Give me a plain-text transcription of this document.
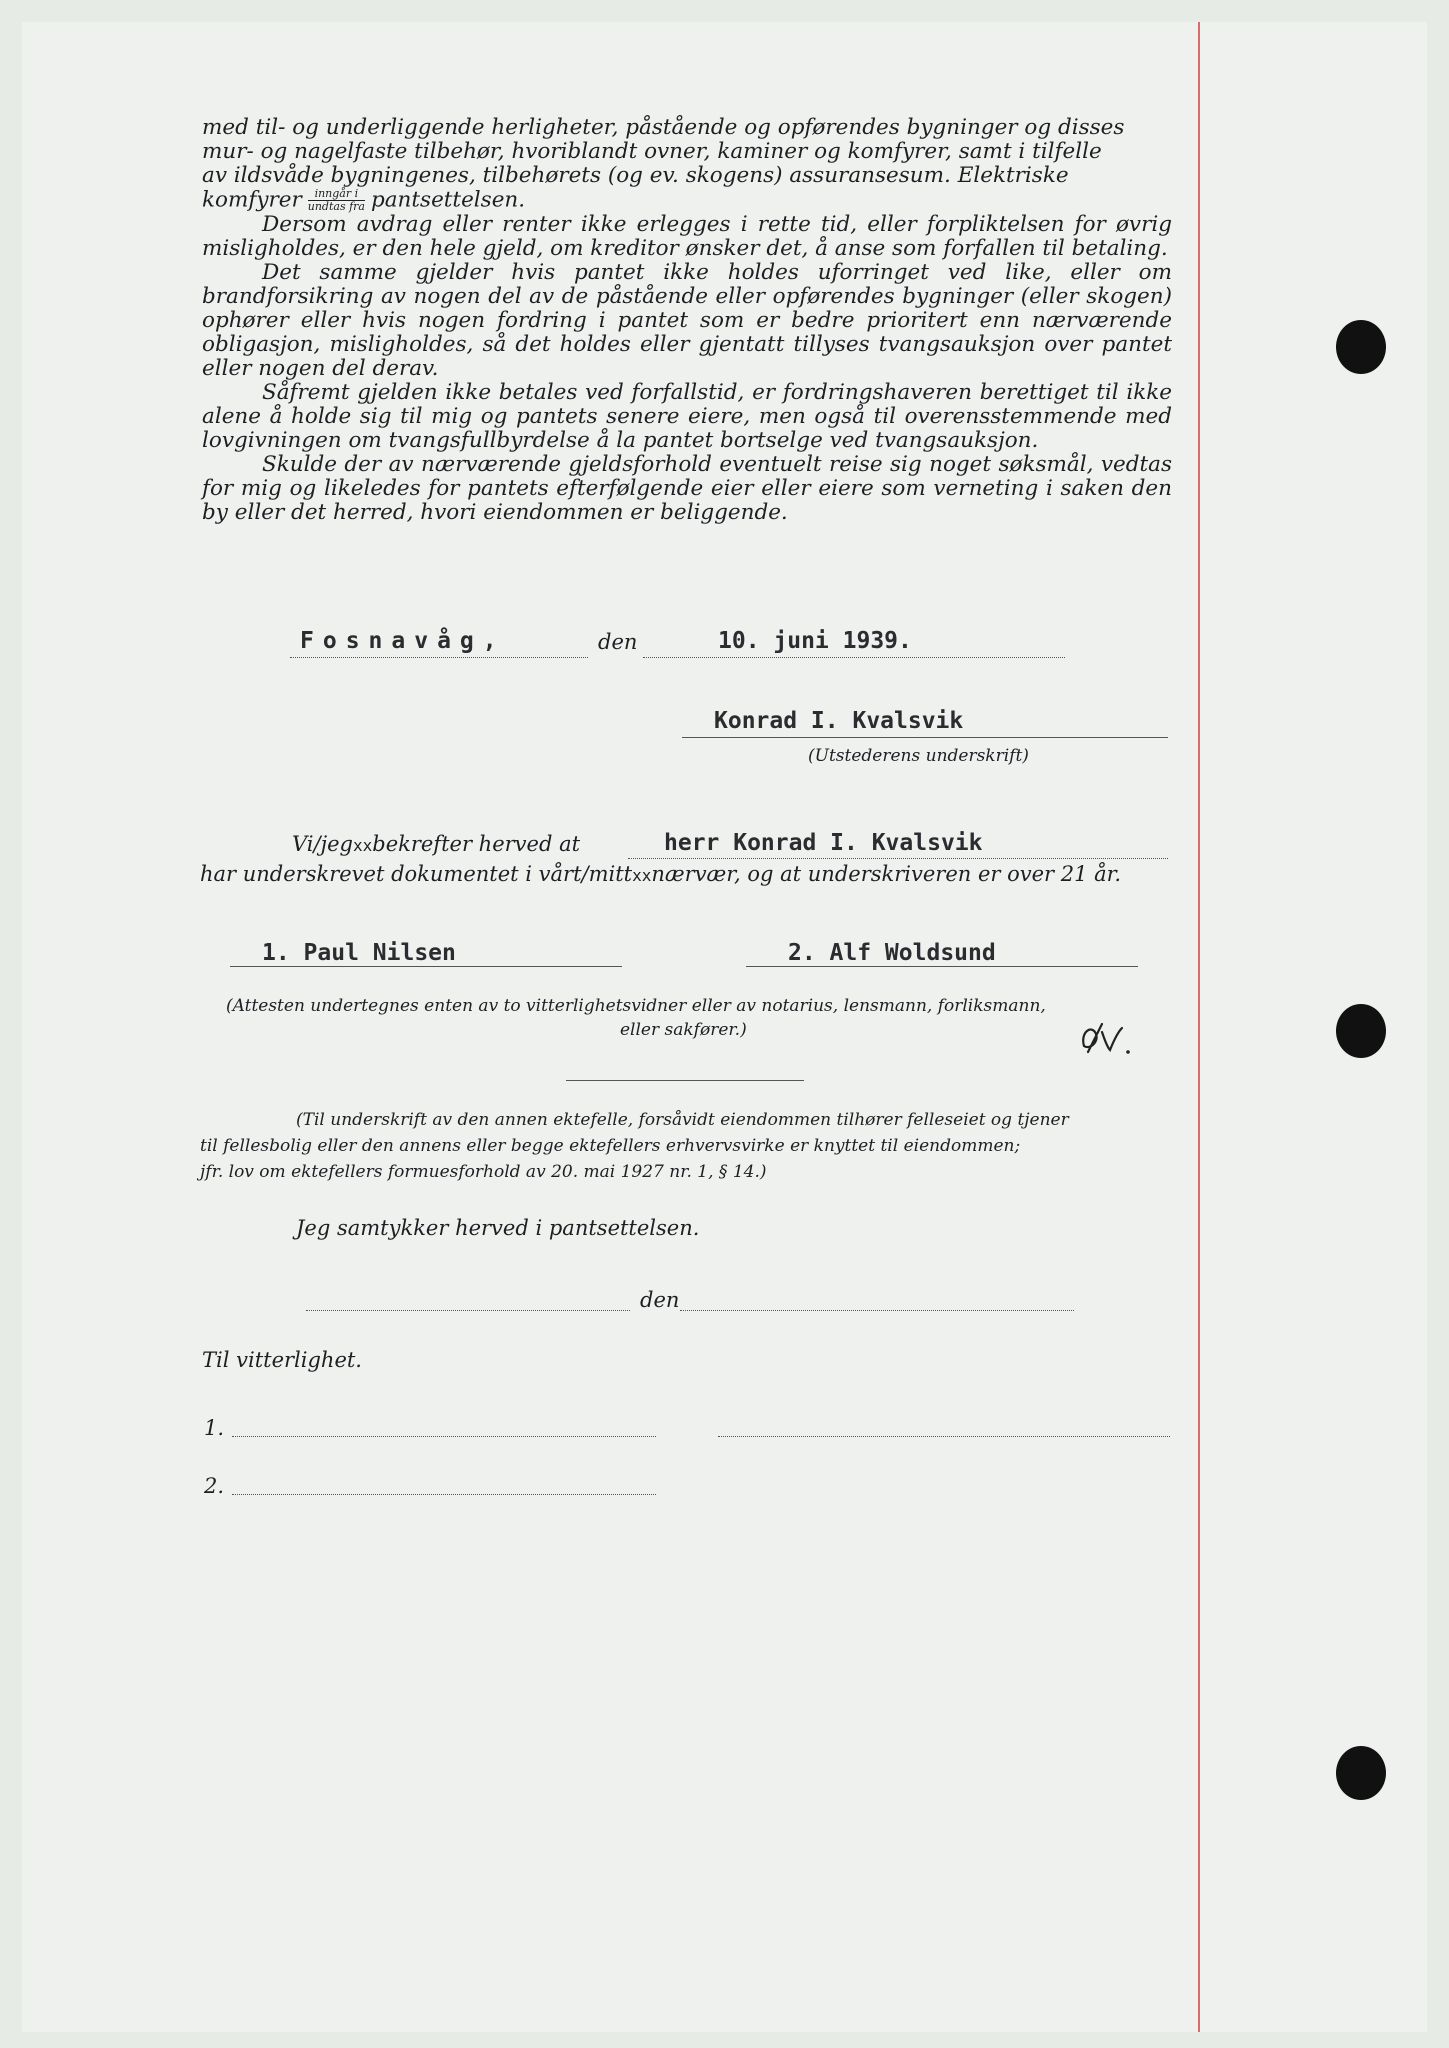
med til- og underliggende herligheter, påstående og opførendes bygninger og disses

mur- og nagelfaste tilbehør, hvoriblandt ovner, kaminer og komfyrer, samt i tilfelle

av ildsvåde bygningenes, tilbehørets (og ev. skogens) assuransesum. Elektriske

komfyrer $\frac{\text{inngår i}}{\text{undtas fra}}$ pantsettelsen.

Dersom avdrag eller renter ikke erlegges i rette tid, eller forpliktelsen for øvrig misligholdes, er den hele gjeld, om kreditor ønsker det, å anse som forfallen til betaling.

Det samme gjelder hvis pantet ikke holdes uforringet ved like, eller om brandforsikring av nogen del av de påstående eller opførendes bygninger (eller skogen) ophører eller hvis nogen fordring i pantet som er bedre prioritert enn nærværende obligasjon, misligholdes, så det holdes eller gjentatt tillyses tvangsauksjon over pantet eller nogen del derav.

Såfremt gjelden ikke betales ved forfallstid, er fordringshaveren berettiget til ikke alene å holde sig til mig og pantets senere eiere, men også til overensstemmende med lovgivningen om tvangsfullbyrdelse å la pantet bortselge ved tvangsauksjon.

Skulde der av nærværende gjeldsforhold eventuelt reise sig noget søksmål, vedtas for mig og likeledes for pantets efterfølgende eier eller eiere som verneting i saken den by eller det herred, hvori eiendommen er beliggende.

Fosnavåg,	den	10. juni 1939.
Konrad I. Kvalsvik
(Utstederens underskrift)
Vi/jegxxbekrefter herved at	herr Konrad I. Kvalsvik
har underskrevet dokumentet i vårt/mittxxnærvær, og at underskriveren er over 21 år.
1. Paul Nilsen	2. Alf Woldsund
(Attesten undertegnes enten av to vitterlighetsvidner eller av notarius, lensmann, forliksmann,
eller sakfører.)
(Til underskrift av den annen ektefelle, forsåvidt eiendommen tilhører felleseiet og tjener
til fellesbolig eller den annens eller begge ektefellers erhvervsvirke er knyttet til eiendommen;
jfr. lov om ektefellers formuesforhold av 20. mai 1927 nr. 1, § 14.)
Jeg samtykker herved i pantsettelsen.
den
Til vitterlighet.
1.
2.
